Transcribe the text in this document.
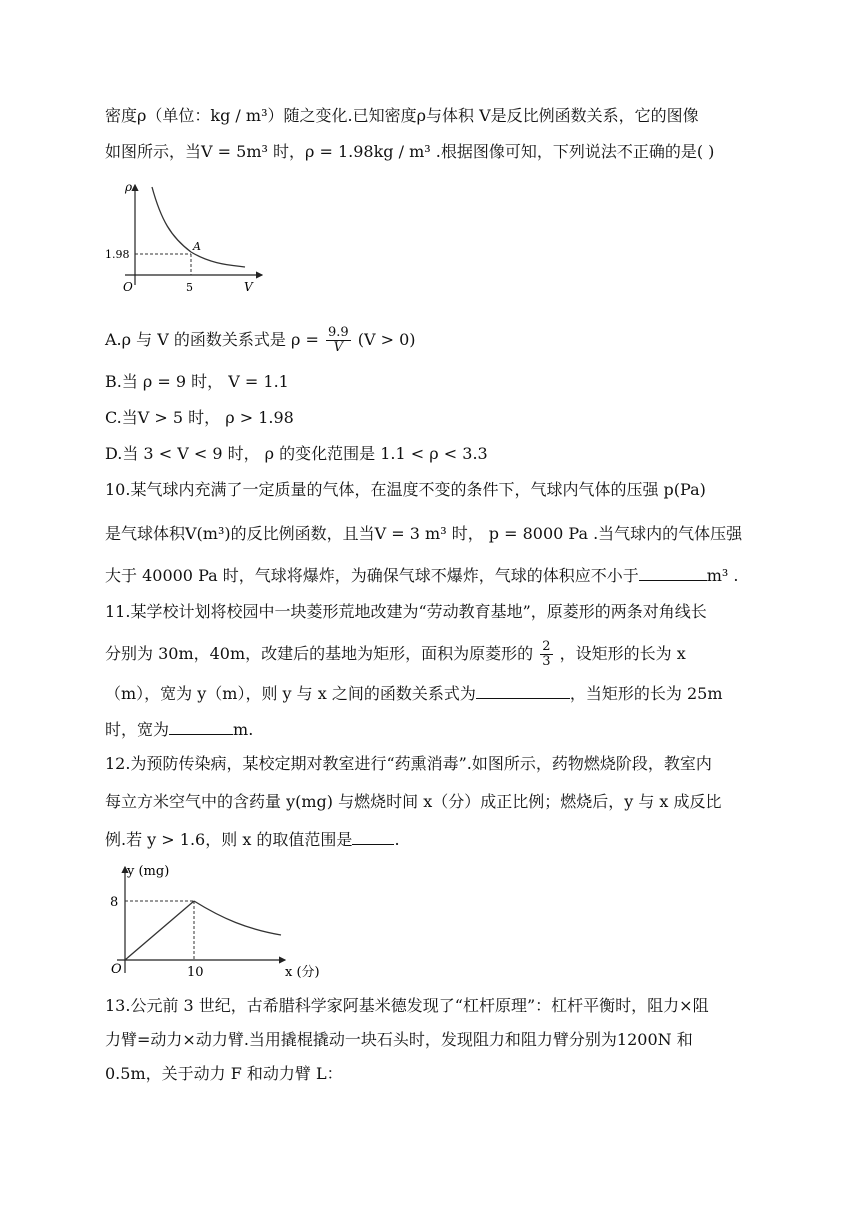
密度ρ（单位：kg / m³）随之变化.已知密度ρ与体积 V是反比例函数关系，它的图像
如图所示，当V = 5m³ 时，ρ = 1.98kg / m³ .根据图像可知，下列说法不正确的是( )
ρ
V
O
1.98
5
A
A.ρ 与 V 的函数关系式是 $\rho = \frac{9.9}{V} (V > 0)$
B.当 ρ = 9 时， V = 1.1
C.当V > 5 时， ρ > 1.98
D.当 3 < V < 9 时， ρ 的变化范围是 1.1 < ρ < 3.3
10.某气球内充满了一定质量的气体，在温度不变的条件下，气球内气体的压强 p(Pa)
是气球体积V(m³)的反比例函数，且当V = 3 m³ 时， p = 8000 Pa .当气球内的气体压强
大于 40000 Pa 时，气球将爆炸，为确保气球不爆炸，气球的体积应不小于	m³ .
11.某学校计划将校园中一块菱形荒地改建为“劳动教育基地”，原菱形的两条对角线长
分别为 30m，40m，改建后的基地为矩形，面积为原菱形的 $\frac{2}{3}$ ，设矩形的长为 x
（m），宽为 y（m），则 y 与 x 之间的函数关系式为	，当矩形的长为 25m
时，宽为	m.
12.为预防传染病，某校定期对教室进行“药熏消毒”.如图所示，药物燃烧阶段，教室内
每立方米空气中的含药量 y(mg) 与燃烧时间 x（分）成正比例；燃烧后，y 与 x 成反比
例.若 y > 1.6，则 x 的取值范围是	.
y (mg)
x (分)
O
8
10
13.公元前 3 世纪，古希腊科学家阿基米德发现了“杠杆原理”：杠杆平衡时，阻力×阻
力臂=动力×动力臂.当用撬棍撬动一块石头时，发现阻力和阻力臂分别为1200N 和
0.5m，关于动力 F 和动力臂 L：
